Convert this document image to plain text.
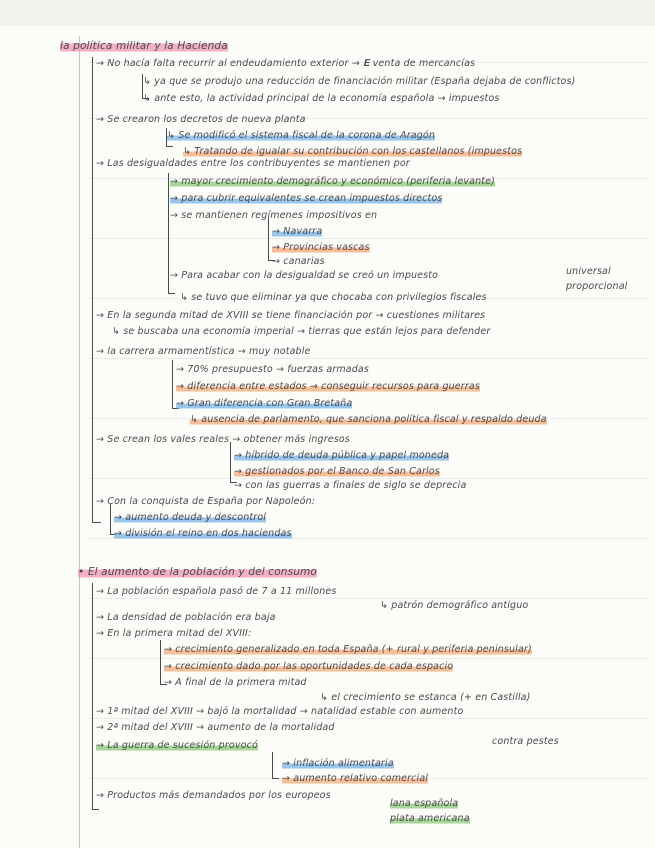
la política militar y la Hacienda
→ No hacía falta recurrir al endeudamiento exterior → 𝐄 venta de mercancías
↳ ya que se produjo una reducción de financiación militar (España dejaba de conflictos)
↳ ante esto, la actividad principal de la economía española → impuestos
→ Se crearon los decretos de nueva planta
↳ Se modificó el sistema fiscal de la corona de Aragón
↳ Tratando de igualar su contribución con los castellanos (impuestos
→ Las desigualdades entre los contribuyentes se mantienen por
→ mayor crecimiento demográfico y económico (periferia levante)
→ para cubrir equivalentes se crean impuestos directos
→ se mantienen regímenes impositivos en
→ Navarra
→ Provincias vascas
→ canarias
→ Para acabar con la desigualdad se creó un impuesto	universal
proporcional
↳ se tuvo que eliminar ya que chocaba con privilegios fiscales
→ En la segunda mitad de XVIII se tiene financiación por → cuestiones militares
↳ se buscaba una economía imperial → tierras que están lejos para defender
→ la carrera armamentística → muy notable
→ 70% presupuesto → fuerzas armadas
→ diferencia entre estados → conseguir recursos para guerras
→ Gran diferencia con Gran Bretaña
↳ ausencia de parlamento, que sanciona política fiscal y respaldo deuda
→ Se crean los vales reales → obtener más ingresos
→ híbrido de deuda pública y papel moneda
→ gestionados por el Banco de San Carlos
→ con las guerras a finales de siglo se deprecia
→ Con la conquista de España por Napoleón:
→ aumento deuda y descontrol
→ división el reino en dos haciendas
• El aumento de la población y del consumo
→ La población española pasó de 7 a 11 millones
↳ patrón demográfico antiguo
→ La densidad de población era baja
→ En la primera mitad del XVIII:
→ crecimiento generalizado en toda España (+ rural y periferia peninsular)
→ crecimiento dado por las oportunidades de cada espacio
→ A final de la primera mitad
↳ el crecimiento se estanca (+ en Castilla)
→ 1ª mitad del XVIII → bajó la mortalidad → natalidad estable con aumento
→ 2ª mitad del XVIII → aumento de la mortalidad
contra pestes
→ La guerra de sucesión provocó
→ inflación alimentaria
→ aumento relativo comercial
→ Productos más demandados por los europeos
lana española
plata americana
